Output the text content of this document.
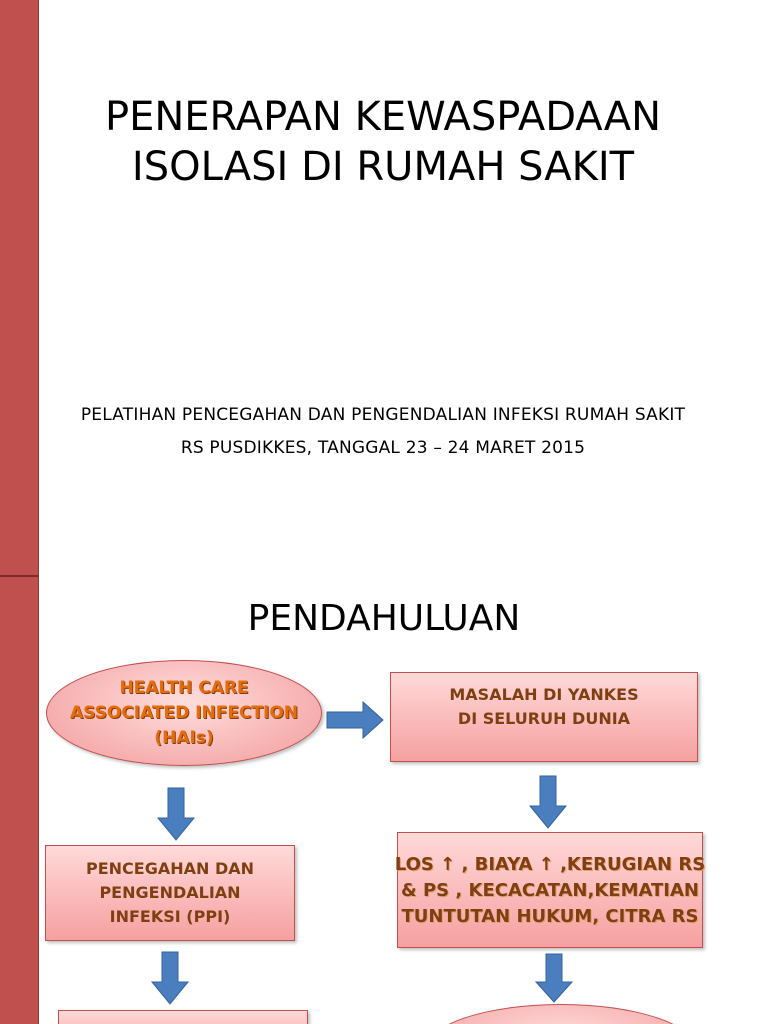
PENERAPAN KEWASPADAAN
ISOLASI DI RUMAH SAKIT
PELATIHAN PENCEGAHAN DAN PENGENDALIAN INFEKSI RUMAH SAKIT
RS PUSDIKKES, TANGGAL 23 – 24 MARET 2015
PENDAHULUAN
HEALTH CARE
ASSOCIATED INFECTION
(HAIs)
MASALAH DI YANKES
DI SELURUH DUNIA
PENCEGAHAN DAN
PENGENDALIAN
INFEKSI (PPI)
LOS ↑ , BIAYA ↑ ,KERUGIAN RS
& PS , KECACATAN,KEMATIAN
TUNTUTAN HUKUM, CITRA RS
